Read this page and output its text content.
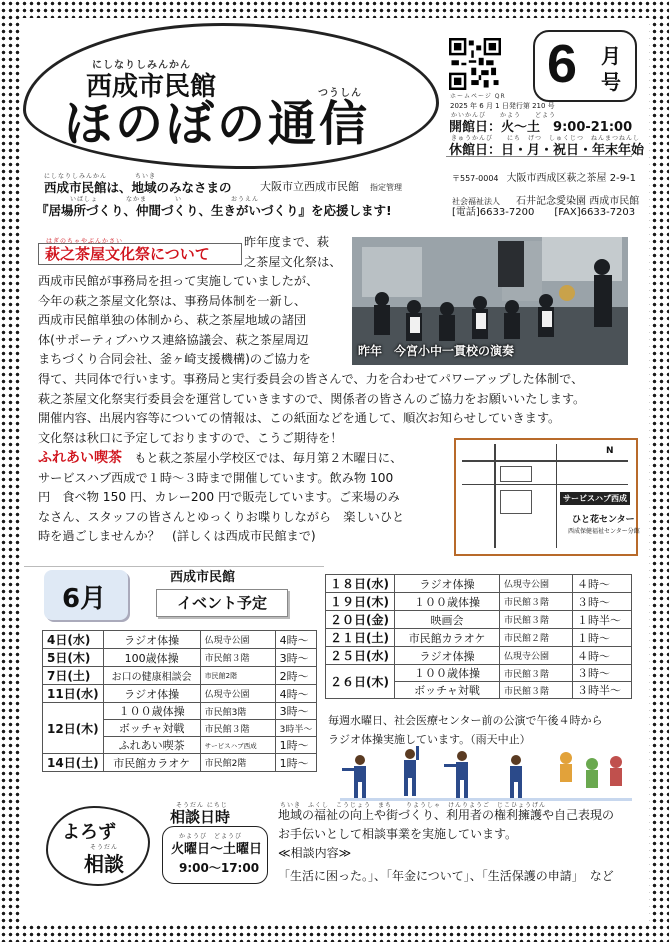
にしなりしみんかん
西成市民館	つうしん
ほのぼの通信	ホームページ QR
6 月
号
2025 年 6 月 1 日発行第 210 号
かいかんび　　かよう　　どよう
開館日：火～土　 9:00-21:00
きゅうかんび　　にち　げつ　しゅくじつ　ねんまつねんし
休館日：日・月・祝日・年末年始
にしなりしみんかん　　　　ちいき
西成市民館は、地域のみなさまの
いばしょ　　　　なかま　　　　い　　　　　　　おうえん
『居場所づくり、仲間づくり、生きがいづくり』を応援します!
大阪市立西成市民館　 指定管理
〒557-0004　 大阪市西成区萩之茶屋 2-9-1
社会福祉法人　 石井記念愛染園 西成市民館
[電話]6633-7200　　 [FAX]6633-7203
はぎのちゃやぶんかさい
萩之茶屋文化祭について
昨年度まで、萩
之茶屋文化祭は、
西成市民館が事務局を担って実施していましたが、
今年の萩之茶屋文化祭は、事務局体制を一新し、
西成市民館単独の体制から、萩之茶屋地域の諸団
体(サポーティブハウス連絡協議会、萩之茶屋周辺
まちづくり合同会社、釜ヶ崎支援機構)のご協力を
得て、共同体で行います。事務局と実行委員会の皆さんで、力を合わせてパワーアップした体制で、
萩之茶屋文化祭実行委員会を運営していきますので、関係者の皆さんのご協力をお願いいたします。
開催内容、出展内容等についての情報は、この紙面などを通して、順次お知らせしていきます。
文化祭は秋口に予定しておりますので、こうご期待を！
昨年　今宮小中一貫校の演奏
ふれあい喫茶　 もと萩之茶屋小学校区では、毎月第２木曜日に、
サービスハブ西成で１時～３時まで開催しています。飲み物 100
円　食べ物 150 円、カレー200 円で販売しています。ご来場のみ
なさん、スタッフの皆さんとゆっくりお喋りしながら　楽しいひと
時を過ごしませんか？　(詳しくは西成市民館まで)
N
サービスハブ西成
ひと花センター
西成保健福祉センター分館
6月
西成市民館
イベント予定
4日(水)	ラジオ体操	仏現寺公園	4時～
5日(木)	100歳体操	市民館３階	3時～
7日(土)	お口の健康相談会	市民館2階	2時～
11日(水)	ラジオ体操	仏現寺公園	4時～
12日(木)	１００歳体操	市民館3階	3時～
	ボッチャ対戦	市民館３階	3時半～
	ふれあい喫茶	サービスハブ西成	1時～
14日(土)	市民館カラオケ	市民館2階	1時～
１８日(水)	ラジオ体操	仏現寺公園	４時～
１９日(木)	１００歳体操	市民館３階	３時～
２０日(金)	映画会	市民館３階	１時半～
２１日(土)	市民館カラオケ	市民館２階	１時～
２５日(水)	ラジオ体操	仏現寺公園	４時～
２６日(木)	１００歳体操	市民館３階	３時～
	ボッチャ対戦	市民館３階	３時半～
毎週水曜日、社会医療センター前の公演で午後４時から
ラジオ体操実施しています。（雨天中止）
よろず
そうだん
相談
そうだん にちじ
相談日時
かようび　どようび
火曜日～土曜日
9:00～17:00
ちいき　ふくし　こうじょう　まち　　りようしゃ　けんりようご　じこひょうげん
地域の福祉の向上や街づくり、利用者の権利擁護や自己表現の
お手伝いとして相談事業を実施しています。
≪相談内容≫
「生活に困った。」、「年金について」、「生活保護の申請」　など
